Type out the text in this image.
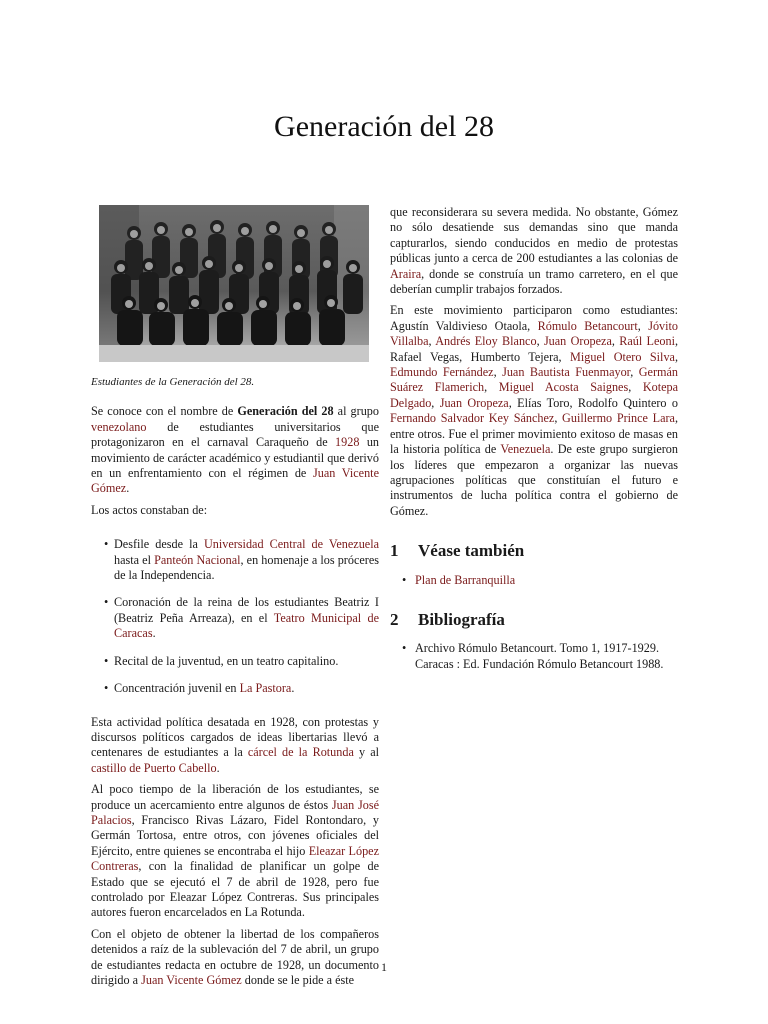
Generación del 28
Estudiantes de la Generación del 28.

Se conoce con el nombre de Generación del 28 al grupo venezolano de estudiantes universitarios que protagonizaron en el carnaval Caraqueño de 1928 un movimiento de carácter académico y estudiantil que derivó en un enfrentamiento con el régimen de Juan Vicente Gómez.

Los actos constaban de:

• Desfile desde la Universidad Central de Venezuela hasta el Panteón Nacional, en homenaje a los próceres de la Independencia.
• Coronación de la reina de los estudiantes Beatriz I (Beatriz Peña Arreaza), en el Teatro Municipal de Caracas.
• Recital de la juventud, en un teatro capitalino.
• Concentración juvenil en La Pastora.

Esta actividad política desatada en 1928, con protestas y discursos políticos cargados de ideas libertarias llevó a centenares de estudiantes a la cárcel de la Rotunda y al castillo de Puerto Cabello.

Al poco tiempo de la liberación de los estudiantes, se produce un acercamiento entre algunos de éstos Juan José Palacios, Francisco Rivas Lázaro, Fidel Rontondaro, y Germán Tortosa, entre otros, con jóvenes oficiales del Ejército, entre quienes se encontraba el hijo Eleazar López Contreras, con la finalidad de planificar un golpe de Estado que se ejecutó el 7 de abril de 1928, pero fue controlado por Eleazar López Contreras. Sus principales autores fueron encarcelados en La Rotunda.

Con el objeto de obtener la libertad de los compañeros detenidos a raíz de la sublevación del 7 de abril, un grupo de estudiantes redacta en octubre de 1928, un documento dirigido a Juan Vicente Gómez donde se le pide a éste

que reconsiderara su severa medida. No obstante, Gómez no sólo desatiende sus demandas sino que manda capturarlos, siendo conducidos en medio de protestas públicas junto a cerca de 200 estudiantes a las colonias de Araira, donde se construía un tramo carretero, en el que deberían cumplir trabajos forzados.

En este movimiento participaron como estudiantes: Agustín Valdivieso Otaola, Rómulo Betancourt, Jóvito Villalba, Andrés Eloy Blanco, Juan Oropeza, Raúl Leoni, Rafael Vegas, Humberto Tejera, Miguel Otero Silva, Edmundo Fernández, Juan Bautista Fuenmayor, Germán Suárez Flamerich, Miguel Acosta Saignes, Kotepa Delgado, Juan Oropeza, Elías Toro, Rodolfo Quintero o Fernando Salvador Key Sánchez, Guillermo Prince Lara, entre otros. Fue el primer movimiento exitoso de masas en la historia política de Venezuela. De este grupo surgieron los líderes que empezaron a organizar las nuevas agrupaciones políticas que constituían el futuro e instrumentos de lucha política contra el gobierno de Gómez.

1 Véase también
• Plan de Barranquilla
2 Bibliografía
• Archivo Rómulo Betancourt. Tomo 1, 1917-1929. Caracas : Ed. Fundación Rómulo Betancourt 1988.
1
